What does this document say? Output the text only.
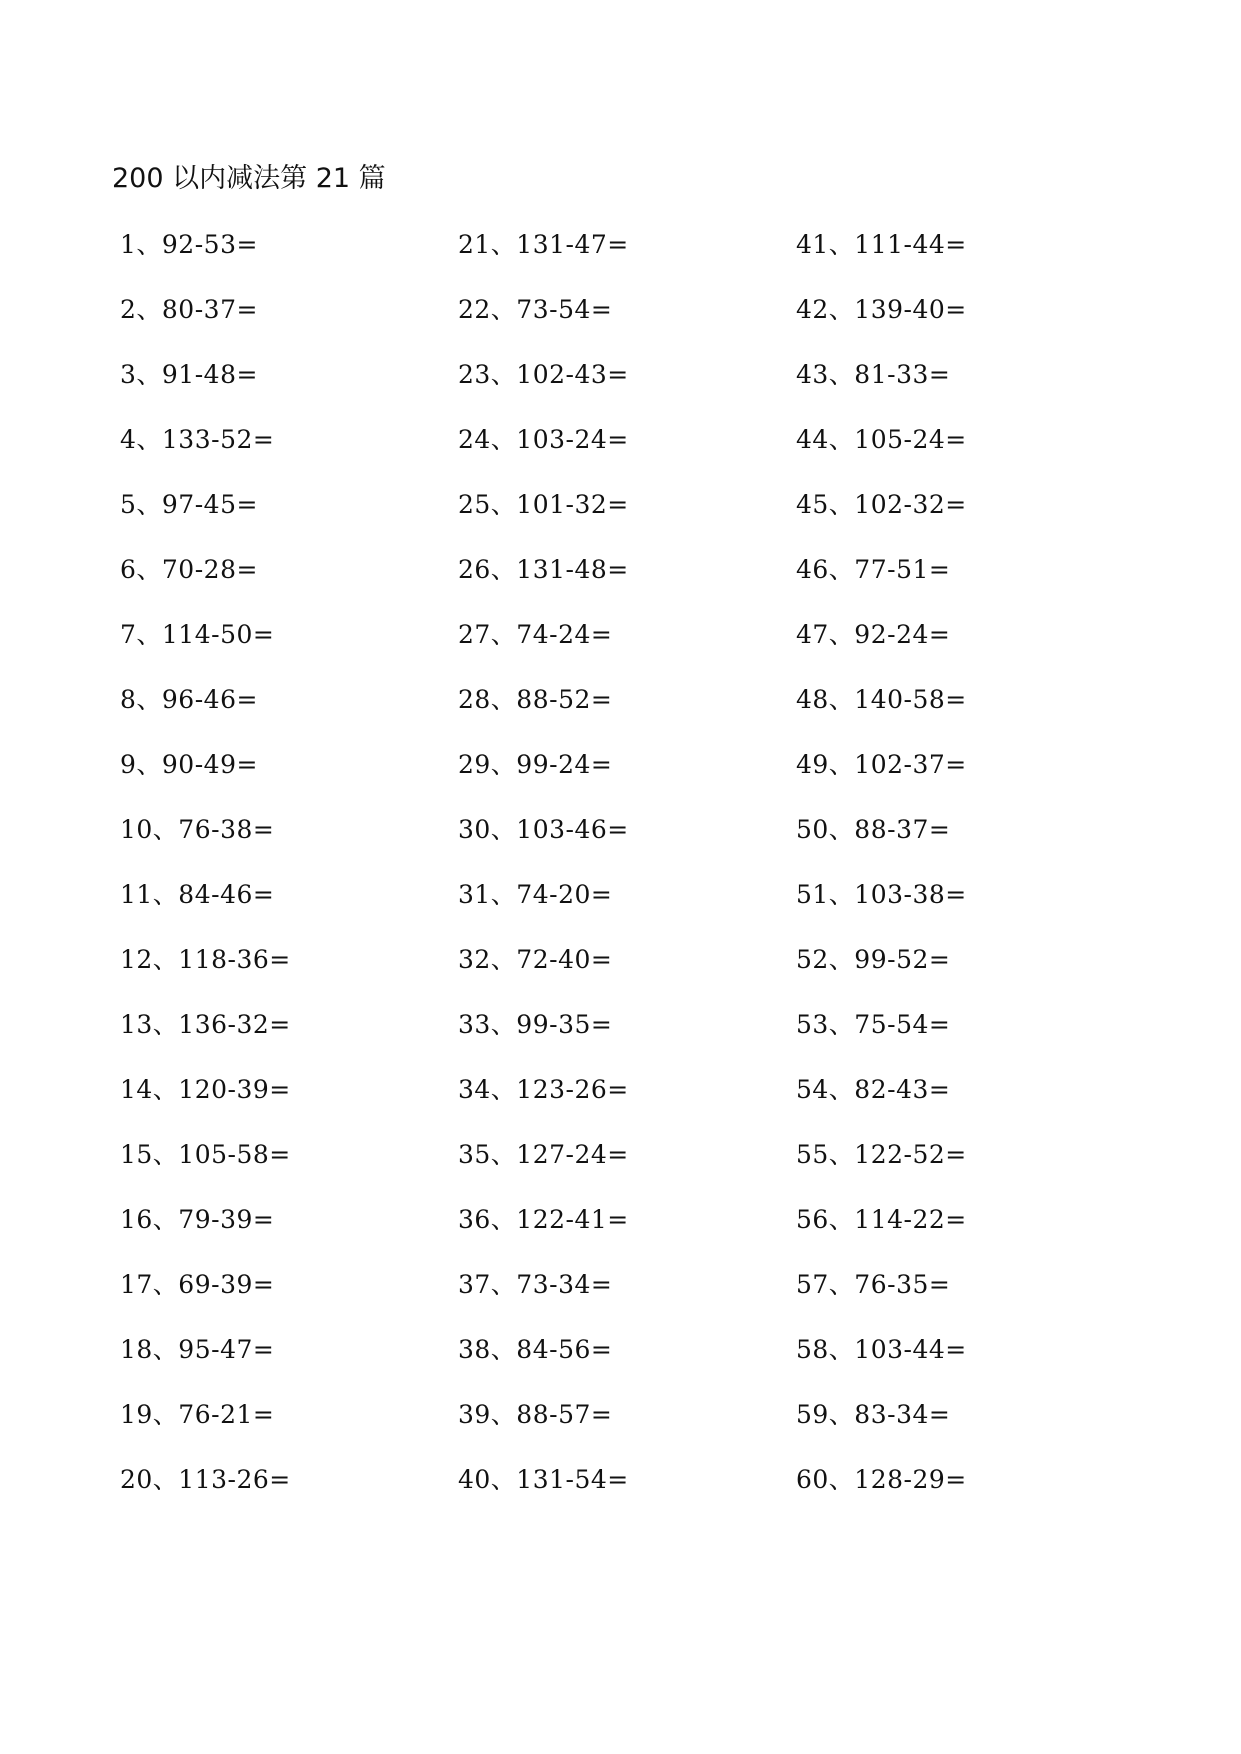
200 以内减法第 21 篇
1、92-53=
2、80-37=
3、91-48=
4、133-52=
5、97-45=
6、70-28=
7、114-50=
8、96-46=
9、90-49=
10、76-38=
11、84-46=
12、118-36=
13、136-32=
14、120-39=
15、105-58=
16、79-39=
17、69-39=
18、95-47=
19、76-21=
20、113-26=
21、131-47=
22、73-54=
23、102-43=
24、103-24=
25、101-32=
26、131-48=
27、74-24=
28、88-52=
29、99-24=
30、103-46=
31、74-20=
32、72-40=
33、99-35=
34、123-26=
35、127-24=
36、122-41=
37、73-34=
38、84-56=
39、88-57=
40、131-54=
41、111-44=
42、139-40=
43、81-33=
44、105-24=
45、102-32=
46、77-51=
47、92-24=
48、140-58=
49、102-37=
50、88-37=
51、103-38=
52、99-52=
53、75-54=
54、82-43=
55、122-52=
56、114-22=
57、76-35=
58、103-44=
59、83-34=
60、128-29=
